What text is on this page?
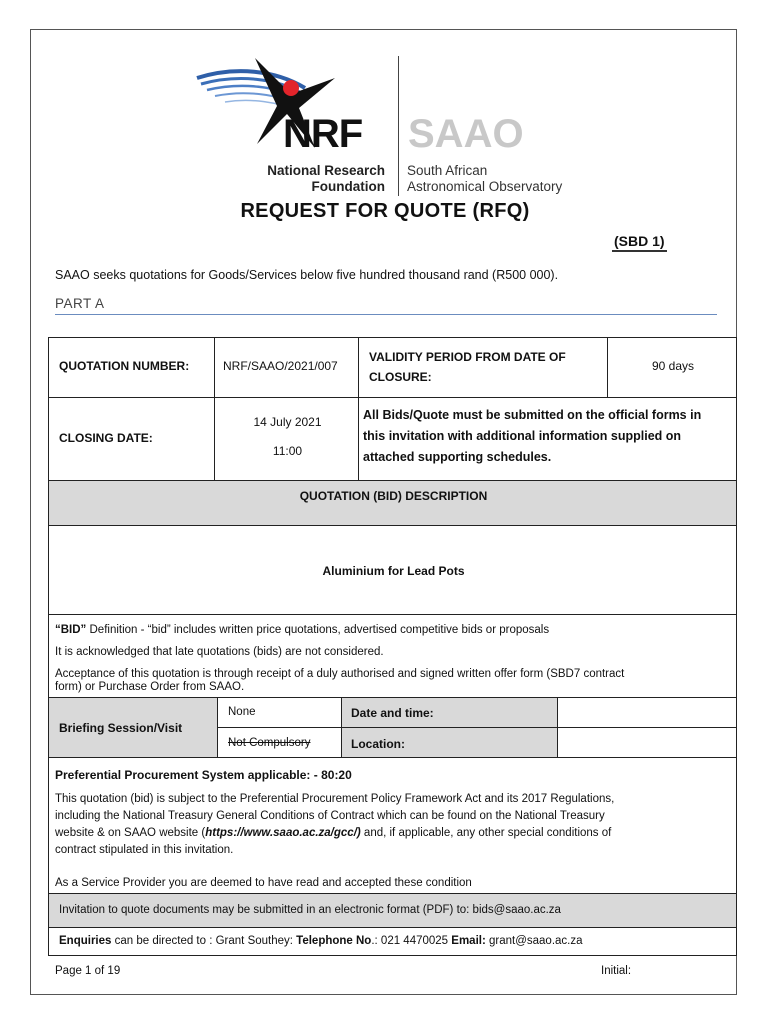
NRF SAAO
National Research
Foundation
South African
Astronomical Observatory
REQUEST FOR QUOTE (RFQ)
(SBD 1)
SAAO seeks quotations for Goods/Services below five hundred thousand rand (R500 000).
PART A
QUOTATION NUMBER:	NRF/SAAO/2021/007
VALIDITY PERIOD FROM DATE OF
CLOSURE:
90 days
CLOSING DATE:
14 July 2021
11:00
All Bids/Quote must be submitted on the official forms in
this invitation with additional information supplied on
attached supporting schedules.
QUOTATION (BID) DESCRIPTION
Aluminium for Lead Pots
“BID” Definition - “bid” includes written price quotations, advertised competitive bids or proposals
It is acknowledged that late quotations (bids) are not considered.
Acceptance of this quotation is through receipt of a duly authorised and signed written offer form (SBD7 contract
form) or Purchase Order from SAAO.
Briefing Session/Visit
None
Not Compulsory
Date and time:
Location:
Preferential Procurement System applicable: - 80:20
This quotation (bid) is subject to the Preferential Procurement Policy Framework Act and its 2017 Regulations,
including the National Treasury General Conditions of Contract which can be found on the National Treasury
website & on SAAO website (https://www.saao.ac.za/gcc/) and, if applicable, any other special conditions of
contract stipulated in this invitation.
As a Service Provider you are deemed to have read and accepted these condition
Invitation to quote documents may be submitted in an electronic format (PDF) to: bids@saao.ac.za
Enquiries can be directed to : Grant Southey: Telephone No.: 021 4470025 Email: grant@saao.ac.za
Page 1 of 19	Initial:
